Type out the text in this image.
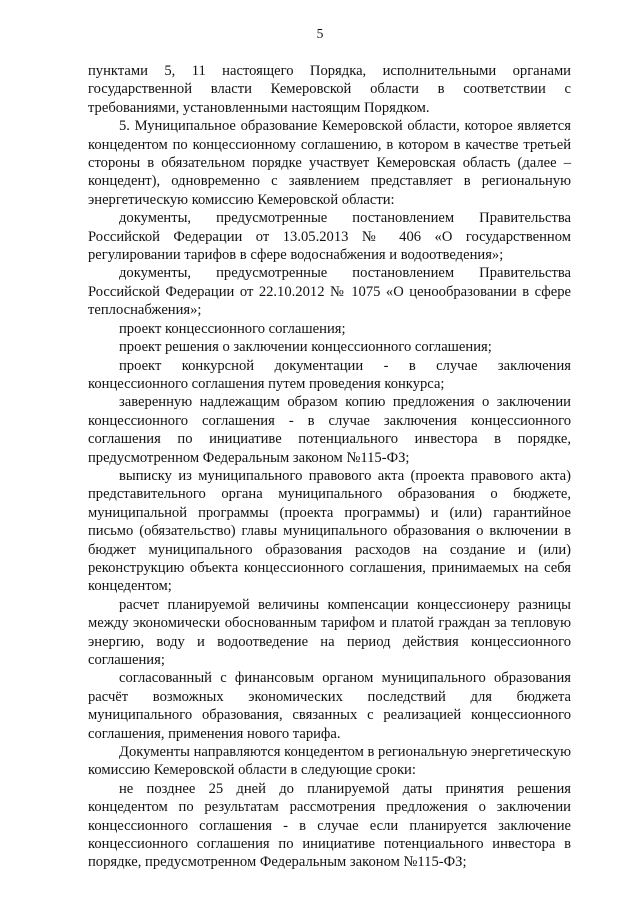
5

пунктами 5, 11 настоящего Порядка, исполнительными органами государственной власти Кемеровской области в соответствии с требованиями, установленными настоящим Порядком.

5. Муниципальное образование Кемеровской области, которое является концедентом по концессионному соглашению, в котором в качестве третьей стороны в обязательном порядке участвует Кемеровская область (далее – концедент), одновременно с заявлением представляет в региональную энергетическую комиссию Кемеровской области:

документы, предусмотренные постановлением Правительства Российской Федерации от 13.05.2013 № 406 «О государственном регулировании тарифов в сфере водоснабжения и водоотведения»;

документы, предусмотренные постановлением Правительства Российской Федерации от 22.10.2012 № 1075 «О ценообразовании в сфере теплоснабжения»;

проект концессионного соглашения;

проект решения о заключении концессионного соглашения;

проект конкурсной документации - в случае заключения концессионного соглашения путем проведения конкурса;

заверенную надлежащим образом копию предложения о заключении концессионного соглашения - в случае заключения концессионного соглашения по инициативе потенциального инвестора в порядке, предусмотренном Федеральным законом №115-ФЗ;

выписку из муниципального правового акта (проекта правового акта) представительного органа муниципального образования о бюджете, муниципальной программы (проекта программы) и (или) гарантийное письмо (обязательство) главы муниципального образования о включении в бюджет муниципального образования расходов на создание и (или) реконструкцию объекта концессионного соглашения, принимаемых на себя концедентом;

расчет планируемой величины компенсации концессионеру разницы между экономически обоснованным тарифом и платой граждан за тепловую энергию, воду и водоотведение на период действия концессионного соглашения;

согласованный с финансовым органом муниципального образования расчёт возможных экономических последствий для бюджета муниципального образования, связанных с реализацией концессионного соглашения, применения нового тарифа.

Документы направляются концедентом в региональную энергетическую комиссию Кемеровской области в следующие сроки:

не позднее 25 дней до планируемой даты принятия решения концедентом по результатам рассмотрения предложения о заключении концессионного соглашения - в случае если планируется заключение концессионного соглашения по инициативе потенциального инвестора в порядке, предусмотренном Федеральным законом №115-ФЗ;
